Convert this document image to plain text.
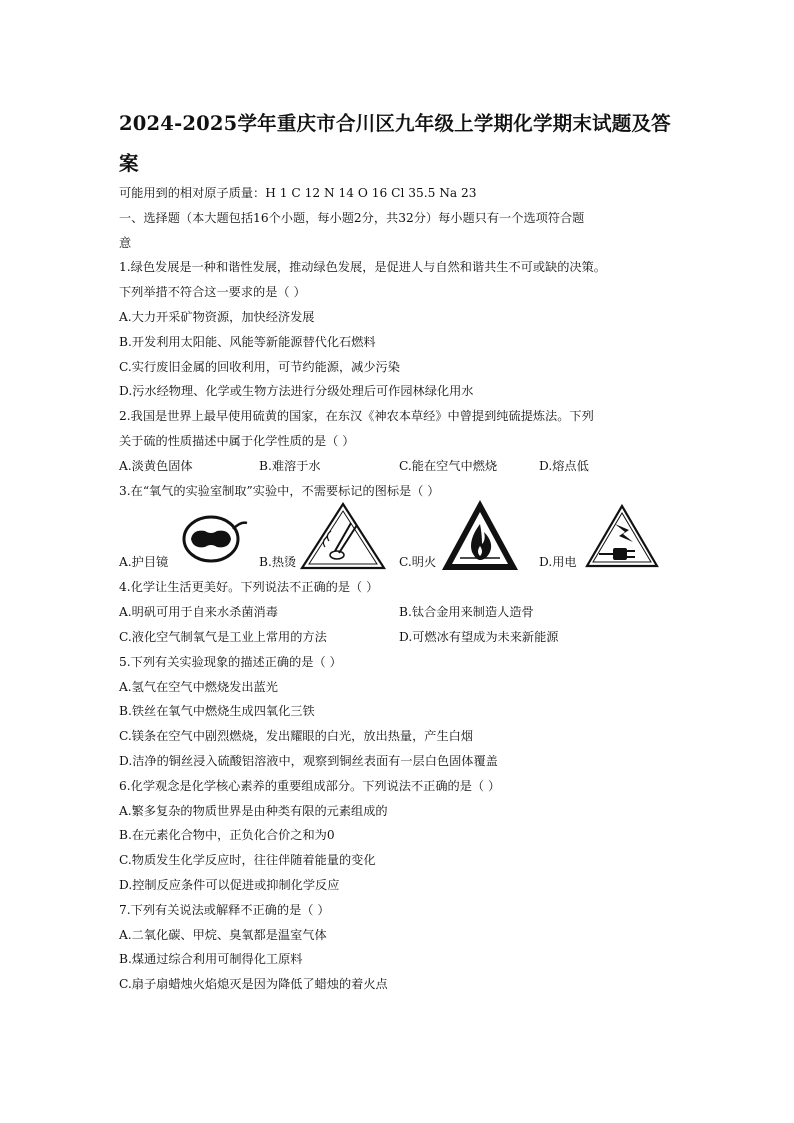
2024-2025学年重庆市合川区九年级上学期化学期末试题及答案
可能用到的相对原子质量：H 1 C 12 N 14 O 16 Cl 35.5 Na 23
一、选择题（本大题包括16个小题，每小题2分，共32分）每小题只有一个选项符合题
意
1.绿色发展是一种和谐性发展，推动绿色发展，是促进人与自然和谐共生不可或缺的决策。
下列举措不符合这一要求的是（ ）
A.大力开采矿物资源，加快经济发展
B.开发利用太阳能、风能等新能源替代化石燃料
C.实行废旧金属的回收利用，可节约能源，减少污染
D.污水经物理、化学或生物方法进行分级处理后可作园林绿化用水
2.我国是世界上最早使用硫黄的国家，在东汉《神农本草经》中曾提到纯硫提炼法。下列
关于硫的性质描述中属于化学性质的是（ ）
A.淡黄色固体	B.难溶于水	C.能在空气中燃烧	D.熔点低
3.在“氧气的实验室制取”实验中，不需要标记的图标是（ ）
A.护目镜	B.热烫	C.明火	D.用电
4.化学让生活更美好。下列说法不正确的是（ ）
A.明矾可用于自来水杀菌消毒	B.钛合金用来制造人造骨
C.液化空气制氧气是工业上常用的方法	D.可燃冰有望成为未来新能源
5.下列有关实验现象的描述正确的是（ ）
A.氢气在空气中燃烧发出蓝光
B.铁丝在氧气中燃烧生成四氧化三铁
C.镁条在空气中剧烈燃烧，发出耀眼的白光，放出热量，产生白烟
D.洁净的铜丝浸入硫酸铝溶液中，观察到铜丝表面有一层白色固体覆盖
6.化学观念是化学核心素养的重要组成部分。下列说法不正确的是（ ）
A.繁多复杂的物质世界是由种类有限的元素组成的
B.在元素化合物中，正负化合价之和为0
C.物质发生化学反应时，往往伴随着能量的变化
D.控制反应条件可以促进或抑制化学反应
7.下列有关说法或解释不正确的是（ ）
A.二氧化碳、甲烷、臭氧都是温室气体
B.煤通过综合利用可制得化工原料
C.扇子扇蜡烛火焰熄灭是因为降低了蜡烛的着火点
